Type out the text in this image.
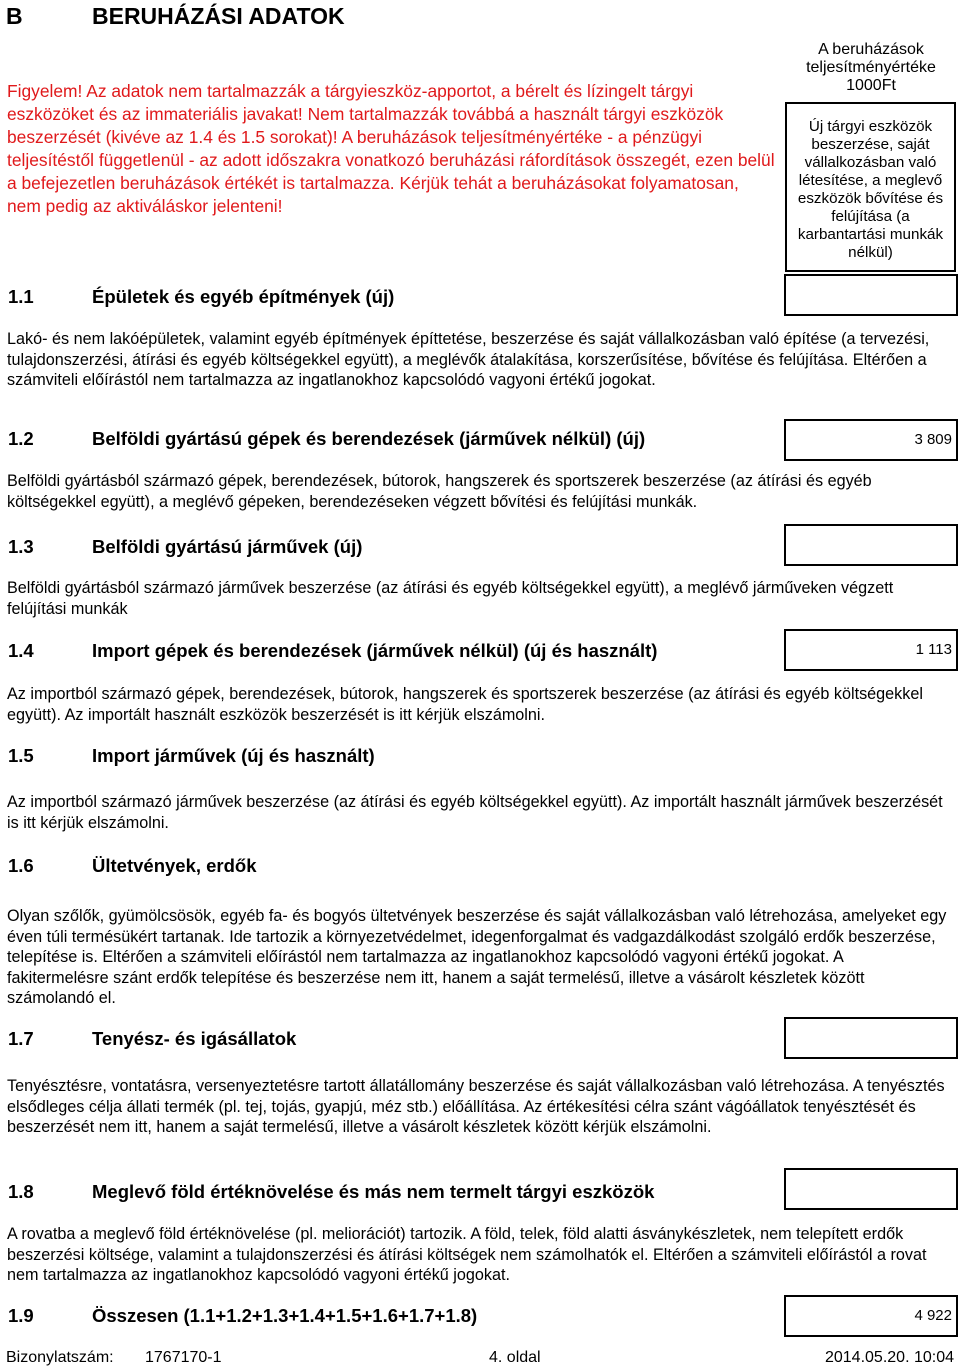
B	BERUHÁZÁSI ADATOK
Figyelem! Az adatok nem tartalmazzák a tárgyieszköz-apportot, a bérelt és lízingelt tárgyi eszközöket és az immateriális javakat! Nem tartalmazzák továbbá a használt tárgyi eszközök beszerzését (kivéve az 1.4 és 1.5 sorokat)! A beruházások teljesítményértéke - a pénzügyi teljesítéstől függetlenül - az adott időszakra vonatkozó beruházási ráfordítások összegét, ezen belül a befejezetlen beruházások értékét is tartalmazza. Kérjük tehát a beruházásokat folyamatosan, nem pedig az aktiváláskor jelenteni!
A beruházások teljesítményértéke 1000Ft
Új tárgyi eszközök beszerzése, saját vállalkozásban való létesítése, a meglevő eszközök bővítése és felújítása (a karbantartási munkák nélkül)
1.1	Épületek és egyéb építmények (új)
Lakó- és nem lakóépületek, valamint egyéb építmények építtetése, beszerzése és saját vállalkozásban való építése (a tervezési, tulajdonszerzési, átírási és egyéb költségekkel együtt), a meglévők átalakítása, korszerűsítése, bővítése és felújítása. Eltérően a számviteli előírástól nem tartalmazza az ingatlanokhoz kapcsolódó vagyoni értékű jogokat.
1.2	Belföldi gyártású gépek és berendezések (járművek nélkül) (új)	3 809
Belföldi gyártásból származó gépek, berendezések, bútorok, hangszerek és sportszerek beszerzése (az átírási és egyéb költségekkel együtt), a meglévő gépeken, berendezéseken végzett bővítési és felújítási munkák.
1.3	Belföldi gyártású járművek (új)
Belföldi gyártásból származó járművek beszerzése (az átírási és egyéb költségekkel együtt), a meglévő járműveken végzett felújítási munkák
1.4	Import gépek és berendezések (járművek nélkül) (új és használt)	1 113
Az importból származó gépek, berendezések, bútorok, hangszerek és sportszerek beszerzése (az átírási és egyéb költségekkel együtt). Az importált használt eszközök beszerzését is itt kérjük elszámolni.
1.5	Import járművek (új és használt)
Az importból származó járművek beszerzése (az átírási és egyéb költségekkel együtt). Az importált használt járművek beszerzését is itt kérjük elszámolni.
1.6	Ültetvények, erdők
Olyan szőlők, gyümölcsösök, egyéb fa- és bogyós ültetvények beszerzése és saját vállalkozásban való létrehozása, amelyeket egy éven túli termésükért tartanak. Ide tartozik a környezetvédelmet, idegenforgalmat és vadgazdálkodást szolgáló erdők beszerzése, telepítése is. Eltérően a számviteli előírástól nem tartalmazza az ingatlanokhoz kapcsolódó vagyoni értékű jogokat. A fakitermelésre szánt erdők telepítése és beszerzése nem itt, hanem a saját termelésű, illetve a vásárolt készletek között számolandó el.
1.7	Tenyész- és igásállatok
Tenyésztésre, vontatásra, versenyeztetésre tartott állatállomány beszerzése és saját vállalkozásban való létrehozása. A tenyésztés elsődleges célja állati termék (pl. tej, tojás, gyapjú, méz stb.) előállítása. Az értékesítési célra szánt vágóállatok tenyésztését és beszerzését nem itt, hanem a saját termelésű, illetve a vásárolt készletek között kérjük elszámolni.
1.8	Meglevő föld értéknövelése és más nem termelt tárgyi eszközök
A rovatba a meglevő föld értéknövelése (pl. meliorációt) tartozik. A föld, telek, föld alatti ásványkészletek, nem telepített erdők beszerzési költsége, valamint a tulajdonszerzési és átírási költségek nem számolhatók el. Eltérően a számviteli előírástól a rovat nem tartalmazza az ingatlanokhoz kapcsolódó vagyoni értékű jogokat.
1.9	Összesen (1.1+1.2+1.3+1.4+1.5+1.6+1.7+1.8)	4 922
Bizonylatszám: 1767170-1	4. oldal	2014.05.20. 10:04
